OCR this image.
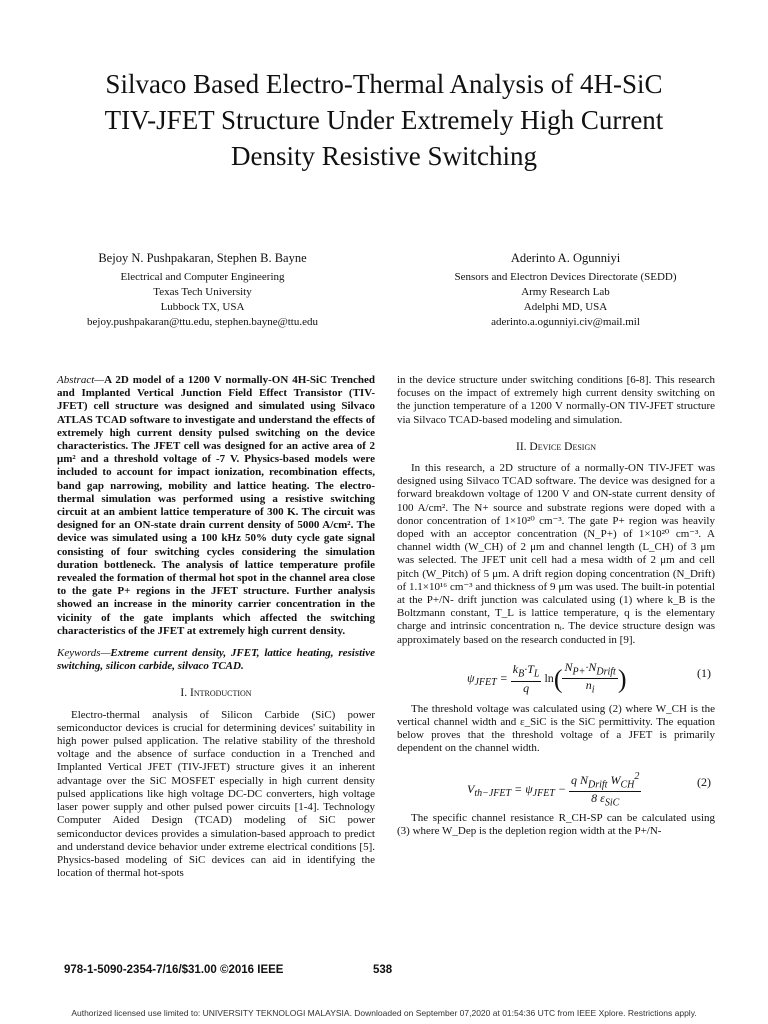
Silvaco Based Electro-Thermal Analysis of 4H-SiC
TIV-JFET Structure Under Extremely High Current
Density Resistive Switching
Bejoy N. Pushpakaran, Stephen B. Bayne
Electrical and Computer Engineering
Texas Tech University
Lubbock TX, USA
bejoy.pushpakaran@ttu.edu, stephen.bayne@ttu.edu
Aderinto A. Ogunniyi
Sensors and Electron Devices Directorate (SEDD)
Army Research Lab
Adelphi MD, USA
aderinto.a.ogunniyi.civ@mail.mil
Abstract—A 2D model of a 1200 V normally-ON 4H-SiC Trenched and Implanted Vertical Junction Field Effect Transistor (TIV-JFET) cell structure was designed and simulated using Silvaco ATLAS TCAD software to investigate and understand the effects of extremely high current density pulsed switching on the device characteristics. The JFET cell was designed for an active area of 2 μm² and a threshold voltage of -7 V. Physics-based models were included to account for impact ionization, recombination effects, band gap narrowing, mobility and lattice heating. The electro-thermal simulation was performed using a resistive switching circuit at an ambient lattice temperature of 300 K. The circuit was designed for an ON-state drain current density of 5000 A/cm². The device was simulated using a 100 kHz 50% duty cycle gate signal consisting of four switching cycles considering the simulation duration bottleneck. The analysis of lattice temperature profile revealed the formation of thermal hot spot in the channel area close to the gate P+ regions in the JFET structure. Further analysis showed an increase in the minority carrier concentration in the vicinity of the gate implants which affected the switching characteristics of the JFET at extremely high current density.
Keywords—Extreme current density, JFET, lattice heating, resistive switching, silicon carbide, silvaco TCAD.
I. Introduction

Electro-thermal analysis of Silicon Carbide (SiC) power semiconductor devices is crucial for determining devices' suitability in high power pulsed application. The relative stability of the threshold voltage and the absence of surface conduction in a Trenched and Implanted Vertical JFET (TIV-JFET) structure gives it an inherent advantage over the SiC MOSFET especially in high current density pulsed applications like high voltage DC-DC converters, high voltage laser power supply and other pulsed power circuits [1-4]. Technology Computer Aided Design (TCAD) modeling of SiC power semiconductor devices provides a simulation-based approach to predict and understand device behavior under extreme electrical conditions [5]. Physics-based modeling of SiC devices can aid in identifying the location of thermal hot-spots

in the device structure under switching conditions [6-8]. This research focuses on the impact of extremely high current density switching on the junction temperature of a 1200 V normally-ON TIV-JFET structure via Silvaco TCAD-based modeling and simulation.

II. Device Design

In this research, a 2D structure of a normally-ON TIV-JFET was designed using Silvaco TCAD software. The device was designed for a forward breakdown voltage of 1200 V and ON-state current density of 100 A/cm². The N+ source and substrate regions were doped with a donor concentration of 1×10²⁰ cm⁻³. The gate P+ region was heavily doped with an acceptor concentration (N_P+) of 1×10²⁰ cm⁻³. A channel width (W_CH) of 2 μm and channel length (L_CH) of 3 μm was selected. The JFET unit cell had a mesa width of 2 μm and cell pitch (W_Pitch) of 5 μm. A drift region doping concentration (N_Drift) of 1.1×10¹⁶ cm⁻³ and thickness of 9 μm was used. The built-in potential at the P+/N- drift junction was calculated using (1) where k_B is the Boltzmann constant, T_L is lattice temperature, q is the elementary charge and intrinsic concentration nᵢ. The device structure design was approximately based on the research conducted in [9].

$\psi_{JFET} = \frac{k_B\cdot T_L}{q} \ln( \frac{N_{P+}\cdot N_{Drift}}{n_i}$ )	(1)

The threshold voltage was calculated using (2) where W_CH is the vertical channel width and ε_SiC is the SiC permittivity. The equation below proves that the threshold voltage of a JFET is primarily dependent on the channel width.

$V_{th-JFET} = \psi_{JFET} - \frac{q N_{Drift} W_{CH}^2}{8 \varepsilon_{SiC}}$	(2)

The specific channel resistance R_CH-SP can be calculated using (3) where W_Dep is the depletion region width at the P+/N-

978-1-5090-2354-7/16/$31.00 ©2016 IEEE	538
Authorized licensed use limited to: UNIVERSITY TEKNOLOGI MALAYSIA. Downloaded on September 07,2020 at 01:54:36 UTC from IEEE Xplore. Restrictions apply.
